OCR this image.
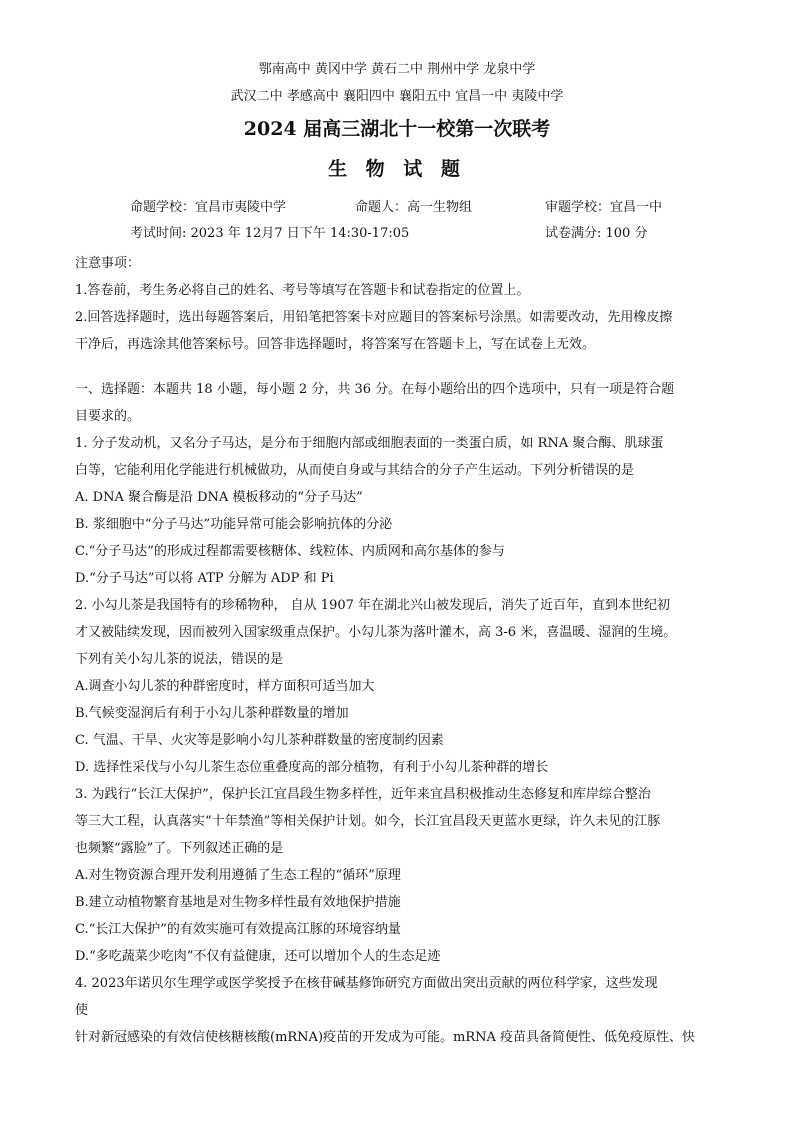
鄂南高中 黄冈中学 黄石二中 荆州中学 龙泉中学
武汉二中 孝感高中 襄阳四中 襄阳五中 宜昌一中 夷陵中学
2024 届高三湖北十一校第一次联考
生 物 试 题
命题学校：宜昌市夷陵中学	命题人：高一生物组	审题学校：宜昌一中
考试时间: 2023 年 12月7 日下午 14:30-17:05	试卷满分: 100 分

注意事项：

1.答卷前，考生务必将自己的姓名、考号等填写在答题卡和试卷指定的位置上。

2.回答选择题时，选出每题答案后，用铅笔把答案卡对应题目的答案标号涂黑。如需要改动，先用橡皮擦

干净后，再选涂其他答案标号。回答非选择题时，将答案写在答题卡上，写在试卷上无效。

一、选择题：本题共 18 小题，每小题 2 分，共 36 分。在每小题给出的四个选项中，只有一项是符合题

目要求的。

1. 分子发动机，又名分子马达，是分布于细胞内部或细胞表面的一类蛋白质，如 RNA 聚合酶、肌球蛋

白等，它能利用化学能进行机械做功，从而使自身或与其结合的分子产生运动。下列分析错误的是

A. DNA 聚合酶是沿 DNA 模板移动的“分子马达”

B. 浆细胞中“分子马达”功能异常可能会影响抗体的分泌

C.“分子马达”的形成过程都需要核糖体、线粒体、内质网和高尔基体的参与

D.“分子马达”可以将 ATP 分解为 ADP 和 Pi

2. 小勾儿茶是我国特有的珍稀物种， 自从 1907 年在湖北兴山被发现后，消失了近百年，直到本世纪初

才又被陆续发现，因而被列入国家级重点保护。小勾儿茶为落叶灌木，高 3-6 米，喜温暖、湿润的生境。

下列有关小勾儿茶的说法，错误的是

A.调查小勾儿茶的种群密度时，样方面积可适当加大

B.气候变湿润后有利于小勾儿茶种群数量的增加

C. 气温、干旱、火灾等是影响小勾儿茶种群数量的密度制约因素

D. 选择性采伐与小勾儿茶生态位重叠度高的部分植物，有利于小勾儿茶种群的增长

3. 为践行“长江大保护”，保护长江宜昌段生物多样性，近年来宜昌积极推动生态修复和库岸综合整治

等三大工程，认真落实“十年禁渔”等相关保护计划。如今，长江宜昌段天更蓝水更绿，许久未见的江豚

也频繁“露脸”了。下列叙述正确的是

A.对生物资源合理开发利用遵循了生态工程的“循环”原理

B.建立动植物繁育基地是对生物多样性最有效地保护措施

C.“长江大保护”的有效实施可有效提高江豚的环境容纳量

D.“多吃蔬菜少吃肉”不仅有益健康，还可以增加个人的生态足迹

4. 2023年诺贝尔生理学或医学奖授予在核苷碱基修饰研究方面做出突出贡献的两位科学家，这些发现

使

针对新冠感染的有效信使核糖核酸(mRNA)疫苗的开发成为可能。mRNA 疫苗具备简便性、低免疫原性、快
